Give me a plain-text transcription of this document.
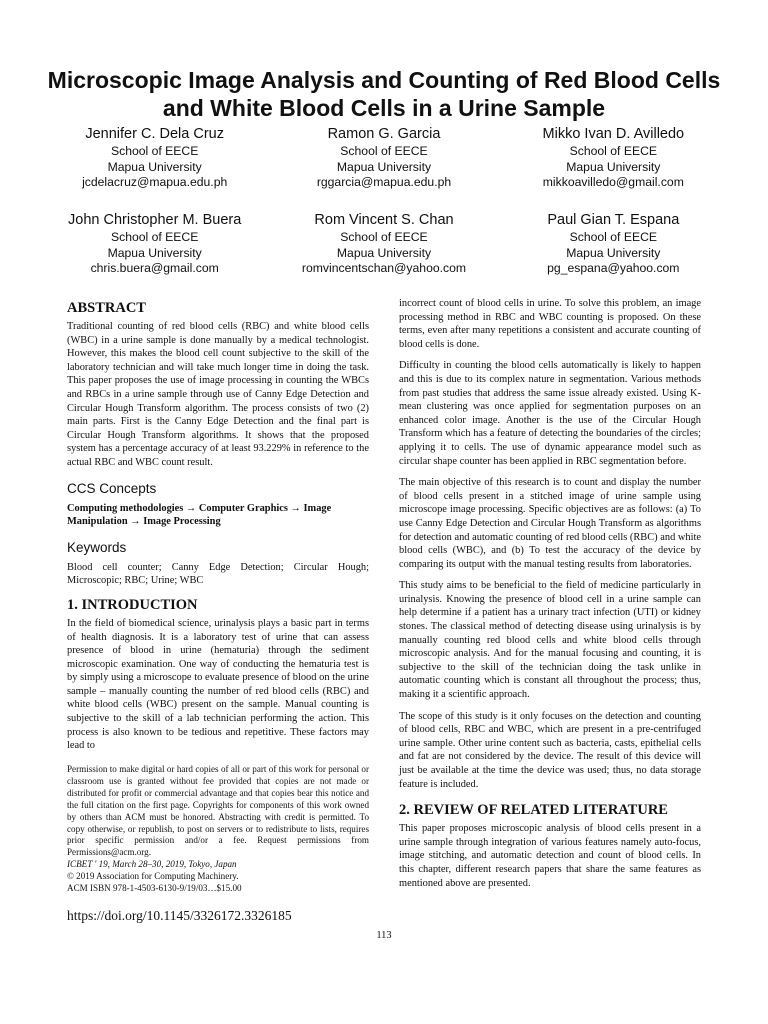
Microscopic Image Analysis and Counting of Red Blood Cells and White Blood Cells in a Urine Sample
Jennifer C. Dela Cruz
School of EECE
Mapua University
jcdelacruz@mapua.edu.ph
Ramon G. Garcia
School of EECE
Mapua University
rggarcia@mapua.edu.ph
Mikko Ivan D. Avilledo
School of EECE
Mapua University
mikkoavilledo@gmail.com
John Christopher M. Buera
School of EECE
Mapua University
chris.buera@gmail.com
Rom Vincent S. Chan
School of EECE
Mapua University
romvincentschan@yahoo.com
Paul Gian T. Espana
School of EECE
Mapua University
pg_espana@yahoo.com
ABSTRACT

Traditional counting of red blood cells (RBC) and white blood cells (WBC) in a urine sample is done manually by a medical technologist. However, this makes the blood cell count subjective to the skill of the laboratory technician and will take much longer time in doing the task. This paper proposes the use of image processing in counting the WBCs and RBCs in a urine sample through use of Canny Edge Detection and Circular Hough Transform algorithm. The process consists of two (2) main parts. First is the Canny Edge Detection and the final part is Circular Hough Transform algorithms. It shows that the proposed system has a percentage accuracy of at least 93.229% in reference to the actual RBC and WBC count result.

CCS Concepts

Computing methodologies → Computer Graphics → Image Manipulation → Image Processing

Keywords

Blood cell counter; Canny Edge Detection; Circular Hough; Microscopic; RBC; Urine; WBC

1. INTRODUCTION

In the field of biomedical science, urinalysis plays a basic part in terms of health diagnosis. It is a laboratory test of urine that can assess presence of blood in urine (hematuria) through the sediment microscopic examination. One way of conducting the hematuria test is by simply using a microscope to evaluate presence of blood on the urine sample – manually counting the number of red blood cells (RBC) and white blood cells (WBC) present on the sample. Manual counting is subjective to the skill of a lab technician performing the action. This process is also known to be tedious and repetitive. These factors may lead to

Permission to make digital or hard copies of all or part of this work for personal or classroom use is granted without fee provided that copies are not made or distributed for profit or commercial advantage and that copies bear this notice and the full citation on the first page. Copyrights for components of this work owned by others than ACM must be honored. Abstracting with credit is permitted. To copy otherwise, or republish, to post on servers or to redistribute to lists, requires prior specific permission and/or a fee. Request permissions from Permissions@acm.org.

ICBET ' 19, March 28–30, 2019, Tokyo, Japan

© 2019 Association for Computing Machinery.

ACM ISBN 978-1-4503-6130-9/19/03…$15.00

https://doi.org/10.1145/3326172.3326185

incorrect count of blood cells in urine. To solve this problem, an image processing method in RBC and WBC counting is proposed. On these terms, even after many repetitions a consistent and accurate counting of blood cells is done.

Difficulty in counting the blood cells automatically is likely to happen and this is due to its complex nature in segmentation. Various methods from past studies that address the same issue already existed. Using K-mean clustering was once applied for segmentation purposes on an enhanced color image. Another is the use of the Circular Hough Transform which has a feature of detecting the boundaries of the circles; applying it to cells. The use of dynamic appearance model such as circular shape counter has been applied in RBC segmentation before.

The main objective of this research is to count and display the number of blood cells present in a stitched image of urine sample using microscope image processing. Specific objectives are as follows: (a) To use Canny Edge Detection and Circular Hough Transform as algorithms for detection and automatic counting of red blood cells (RBC) and white blood cells (WBC), and (b) To test the accuracy of the device by comparing its output with the manual testing results from laboratories.

This study aims to be beneficial to the field of medicine particularly in urinalysis. Knowing the presence of blood cell in a urine sample can help determine if a patient has a urinary tract infection (UTI) or kidney stones. The classical method of detecting disease using urinalysis is by manually counting red blood cells and white blood cells through microscopic analysis. And for the manual focusing and counting, it is subjective to the skill of the technician doing the task unlike in automatic counting which is constant all throughout the process; thus, making it a scientific approach.

The scope of this study is it only focuses on the detection and counting of blood cells, RBC and WBC, which are present in a pre-centrifuged urine sample. Other urine content such as bacteria, casts, epithelial cells and fat are not considered by the device. The result of this device will just be available at the time the device was used; thus, no data storage feature is included.

2. REVIEW OF RELATED LITERATURE

This paper proposes microscopic analysis of blood cells present in a urine sample through integration of various features namely auto-focus, image stitching, and automatic detection and count of blood cells. In this chapter, different research papers that share the same features as mentioned above are presented.

113
